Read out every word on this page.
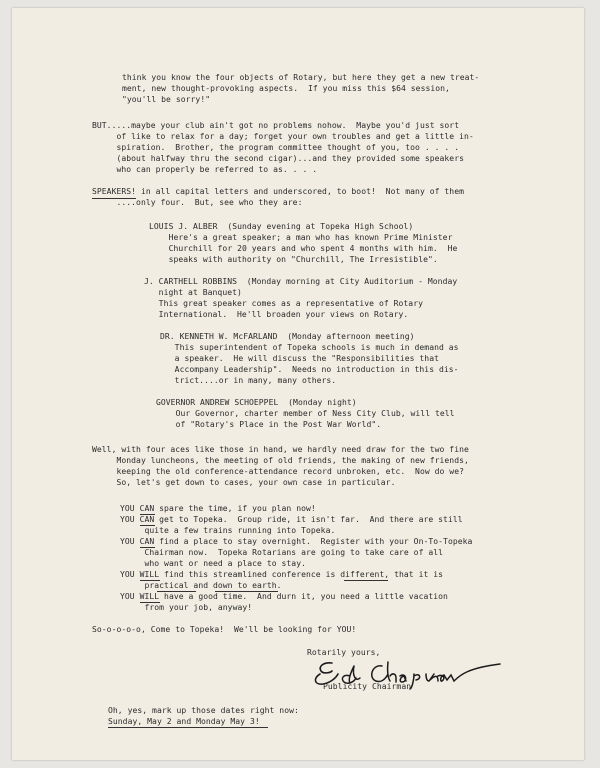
think you know the four objects of Rotary, but here they get a new treat-
ment, new thought-provoking aspects.  If you miss this $64 session,
"you'll be sorry!"
BUT.....maybe your club ain't got no problems nohow.  Maybe you'd just sort
of like to relax for a day; forget your own troubles and get a little in-
spiration.  Brother, the program committee thought of you, too . . . .
(about halfway thru the second cigar)...and they provided some speakers
who can properly be referred to as. . . .
SPEAKERS! in all capital letters and underscored, to boot!  Not many of them
....only four.  But, see who they are:
LOUIS J. ALBER  (Sunday evening at Topeka High School)
Here's a great speaker; a man who has known Prime Minister
Churchill for 20 years and who spent 4 months with him.  He
speaks with authority on "Churchill, The Irresistible".
J. CARTHELL ROBBINS  (Monday morning at City Auditorium - Monday
night at Banquet)
This great speaker comes as a representative of Rotary
International.  He'll broaden your views on Rotary.
DR. KENNETH W. McFARLAND  (Monday afternoon meeting)
This superintendent of Topeka schools is much in demand as
a speaker.  He will discuss the "Responsibilities that
Accompany Leadership".  Needs no introduction in this dis-
trict....or in many, many others.
GOVERNOR ANDREW SCHOEPPEL  (Monday night)
Our Governor, charter member of Ness City Club, will tell
of "Rotary's Place in the Post War World".
Well, with four aces like those in hand, we hardly need draw for the two fine
Monday luncheons, the meeting of old friends, the making of new friends,
keeping the old conference-attendance record unbroken, etc.  Now do we?
So, let's get down to cases, your own case in particular.
YOU CAN spare the time, if you plan now!
YOU CAN get to Topeka.  Group ride, it isn't far.  And there are still
quite a few trains running into Topeka.
YOU CAN find a place to stay overnight.  Register with your On-To-Topeka
Chairman now.  Topeka Rotarians are going to take care of all
who want or need a place to stay.
YOU WILL find this streamlined conference is different, that it is
practical and down to earth.
YOU WILL have a good time.  And durn it, you need a little vacation
from your job, anyway!
So-o-o-o-o, Come to Topeka!  We'll be looking for YOU!
Rotarily yours,
Publicity Chairman
Oh, yes, mark up those dates right now:
Sunday, May 2 and Monday May 3!
